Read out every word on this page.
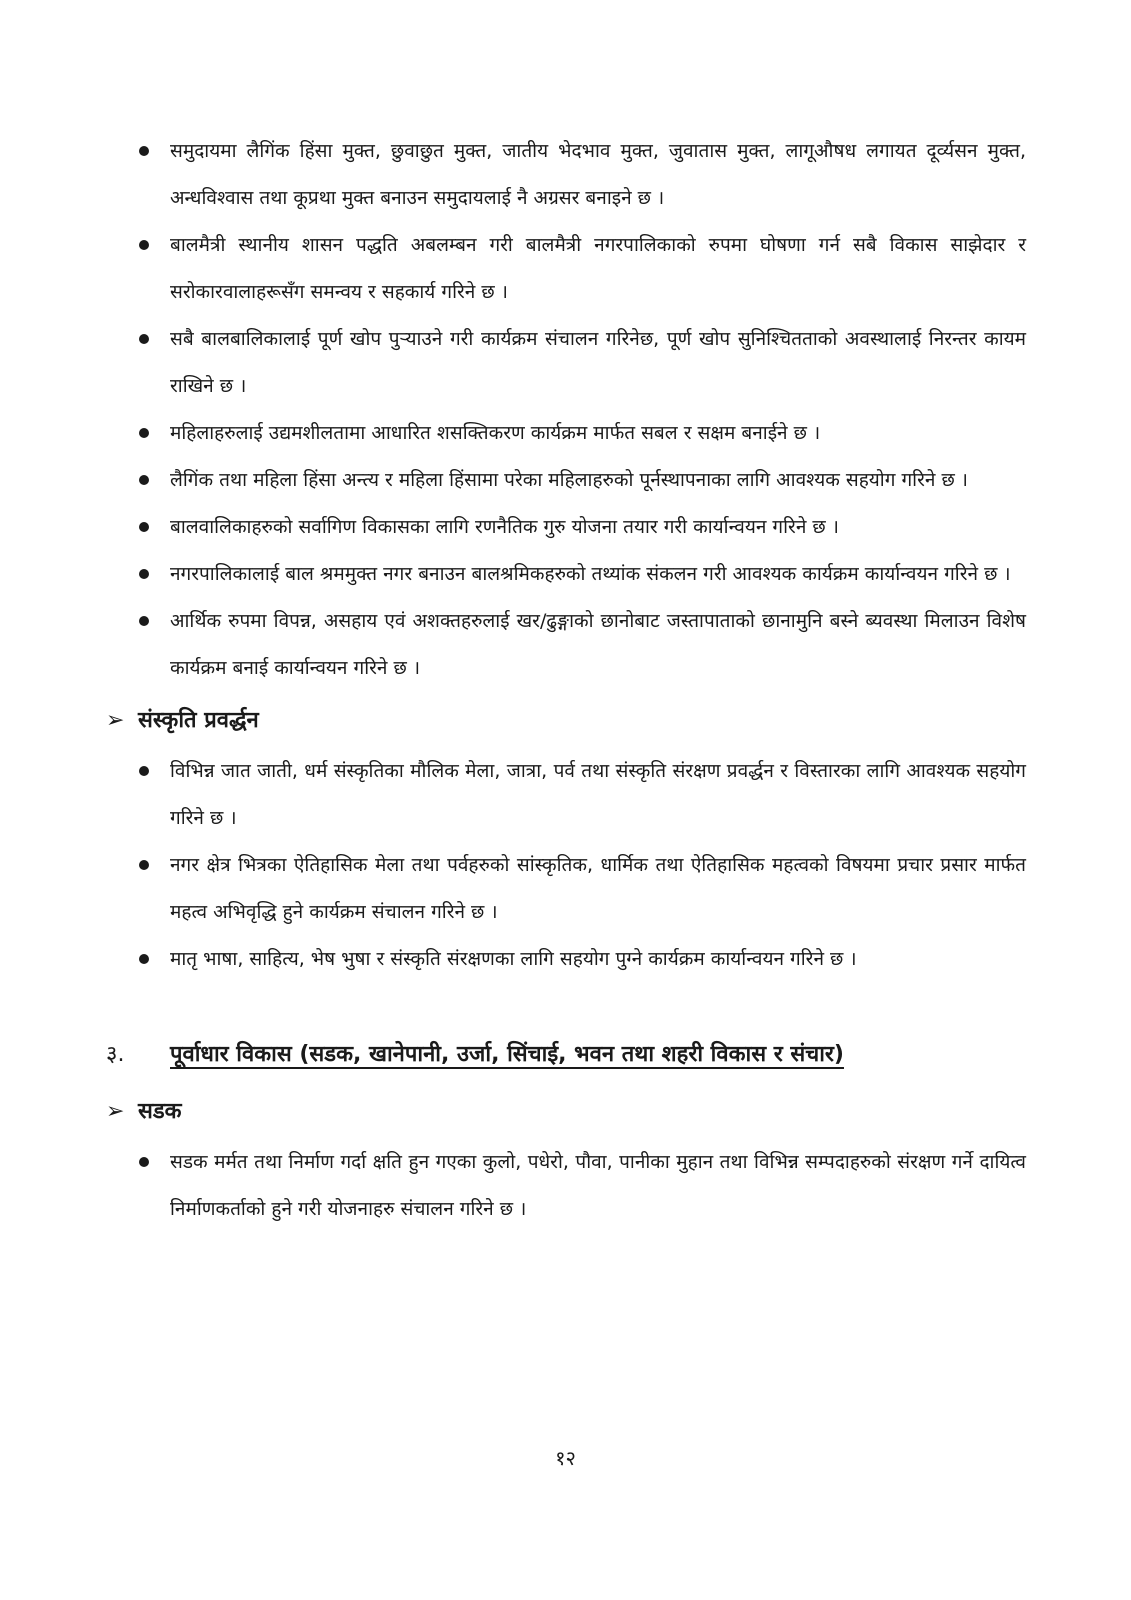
समुदायमा लैगिंक हिंसा मुक्त, छुवाछुत मुक्त, जातीय भेदभाव मुक्त, जुवातास मुक्त, लागूऔषध लगायत दूर्व्यसन मुक्त, अन्धविश्वास तथा कूप्रथा मुक्त बनाउन समुदायलाई नै अग्रसर बनाइने छ ।
बालमैत्री स्थानीय शासन पद्धति अबलम्बन गरी बालमैत्री नगरपालिकाको रुपमा घोषणा गर्न सबै विकास साझेदार र सरोकारवालाहरूसँग समन्वय र सहकार्य गरिने छ ।
सबै बालबालिकालाई पूर्ण खोप पुर्‍याउने गरी कार्यक्रम संचालन गरिनेछ, पूर्ण खोप सुनिश्चितताको अवस्थालाई निरन्तर कायम राखिने छ ।
महिलाहरुलाई उद्यमशीलतामा आधारित शसक्तिकरण कार्यक्रम मार्फत सबल र सक्षम बनाईने छ ।
लैगिंक तथा महिला हिंसा अन्त्य र महिला हिंसामा परेका महिलाहरुको पूर्नस्थापनाका लागि आवश्यक सहयोग गरिने छ ।
बालवालिकाहरुको सर्वागिण विकासका लागि रणनैतिक गुरु योजना तयार गरी कार्यान्वयन गरिने छ ।
नगरपालिकालाई बाल श्रममुक्त नगर बनाउन बालश्रमिकहरुको तथ्यांक संकलन गरी आवश्यक कार्यक्रम कार्यान्वयन गरिने छ ।
आर्थिक रुपमा विपन्न, असहाय एवं अशक्तहरुलाई खर/ढुङ्गाको छानोबाट जस्तापाताको छानामुनि बस्ने ब्यवस्था मिलाउन विशेष कार्यक्रम बनाई कार्यान्वयन गरिने छ ।
➢ संस्कृति प्रवर्द्धन
विभिन्न जात जाती, धर्म संस्कृतिका मौलिक मेला, जात्रा, पर्व तथा संस्कृति संरक्षण प्रवर्द्धन र विस्तारका लागि आवश्यक सहयोग गरिने छ ।
नगर क्षेत्र भित्रका ऐतिहासिक मेला तथा पर्वहरुको सांस्कृतिक, धार्मिक तथा ऐतिहासिक महत्वको विषयमा प्रचार प्रसार मार्फत महत्व अभिवृद्धि हुने कार्यक्रम संचालन गरिने छ ।
मातृ भाषा, साहित्य, भेष भुषा र संस्कृति संरक्षणका लागि सहयोग पुग्ने कार्यक्रम कार्यान्वयन गरिने छ ।
३. पूर्वाधार विकास (सडक, खानेपानी, उर्जा, सिंचाई, भवन तथा शहरी विकास र संचार)
➢ सडक
सडक मर्मत तथा निर्माण गर्दा क्षति हुन गएका कुलो, पधेरो, पौवा, पानीका मुहान तथा विभिन्न सम्पदाहरुको संरक्षण गर्ने दायित्व निर्माणकर्ताको हुने गरी योजनाहरु संचालन गरिने छ ।
१२
